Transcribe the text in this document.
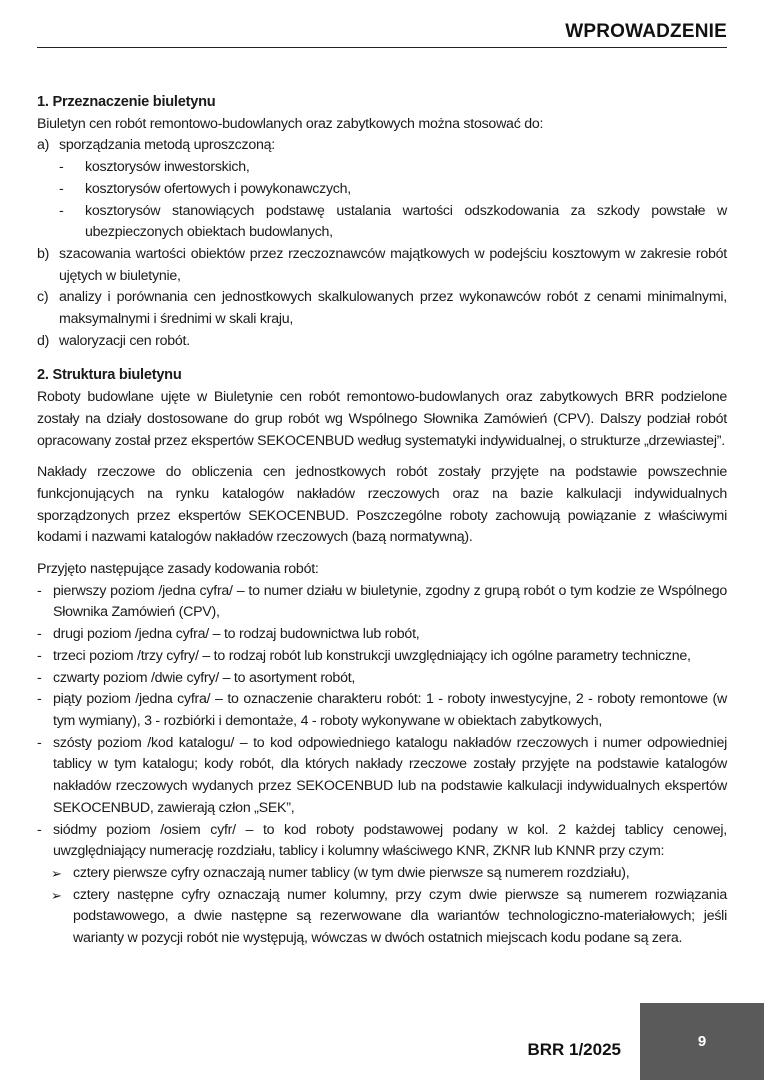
WPROWADZENIE
1. Przeznaczenie biuletynu

Biuletyn cen robót remontowo-budowlanych oraz zabytkowych można stosować do:

a) sporządzania metodą uproszczoną:
-	kosztorysów inwestorskich,
-	kosztorysów ofertowych i powykonawczych,
-	kosztorysów stanowiących podstawę ustalania wartości odszkodowania za szkody powstałe w ubezpieczonych obiektach budowlanych,
b) szacowania wartości obiektów przez rzeczoznawców majątkowych w podejściu kosztowym w zakresie robót ujętych w biuletynie,
c) analizy i porównania cen jednostkowych skalkulowanych przez wykonawców robót z cenami minimalnymi, maksymalnymi i średnimi w skali kraju,
d) waloryzacji cen robót.
2. Struktura biuletynu

Roboty budowlane ujęte w Biuletynie cen robót remontowo-budowlanych oraz zabytkowych BRR podzielone zostały na działy dostosowane do grup robót wg Wspólnego Słownika Zamówień (CPV). Dalszy podział robót opracowany został przez ekspertów SEKOCENBUD według systematyki indywidualnej, o strukturze „drzewiastej”.

Nakłady rzeczowe do obliczenia cen jednostkowych robót zostały przyjęte na podstawie powszechnie funkcjonujących na rynku katalogów nakładów rzeczowych oraz na bazie kalkulacji indywidualnych sporządzonych przez ekspertów SEKOCENBUD. Poszczególne roboty zachowują powiązanie z właściwymi kodami i nazwami katalogów nakładów rzeczowych (bazą normatywną).

Przyjęto następujące zasady kodowania robót:

- pierwszy poziom /jedna cyfra/ – to numer działu w biuletynie, zgodny z grupą robót o tym kodzie ze Wspólnego Słownika Zamówień (CPV),
- drugi poziom /jedna cyfra/ – to rodzaj budownictwa lub robót,
- trzeci poziom /trzy cyfry/ – to rodzaj robót lub konstrukcji uwzględniający ich ogólne parametry techniczne,
- czwarty poziom /dwie cyfry/ – to asortyment robót,
- piąty poziom /jedna cyfra/ – to oznaczenie charakteru robót: 1 - roboty inwestycyjne, 2 - roboty remontowe (w tym wymiany), 3 - rozbiórki i demontaże, 4 - roboty wykonywane w obiektach zabytkowych,
- szósty poziom /kod katalogu/ – to kod odpowiedniego katalogu nakładów rzeczowych i numer odpowiedniej tablicy w tym katalogu; kody robót, dla których nakłady rzeczowe zostały przyjęte na podstawie katalogów nakładów rzeczowych wydanych przez SEKOCENBUD lub na podstawie kalkulacji indywidualnych ekspertów SEKOCENBUD, zawierają człon „SEK”,
- siódmy poziom /osiem cyfr/ – to kod roboty podstawowej podany w kol. 2 każdej tablicy cenowej, uwzględniający numerację rozdziału, tablicy i kolumny właściwego KNR, ZKNR lub KNNR przy czym:
➢ cztery pierwsze cyfry oznaczają numer tablicy (w tym dwie pierwsze są numerem rozdziału),
➢ cztery następne cyfry oznaczają numer kolumny, przy czym dwie pierwsze są numerem rozwiązania podstawowego, a dwie następne są rezerwowane dla wariantów technologiczno-materiałowych; jeśli warianty w pozycji robót nie występują, wówczas w dwóch ostatnich miejscach kodu podane są zera.
BRR 1/2025	9
